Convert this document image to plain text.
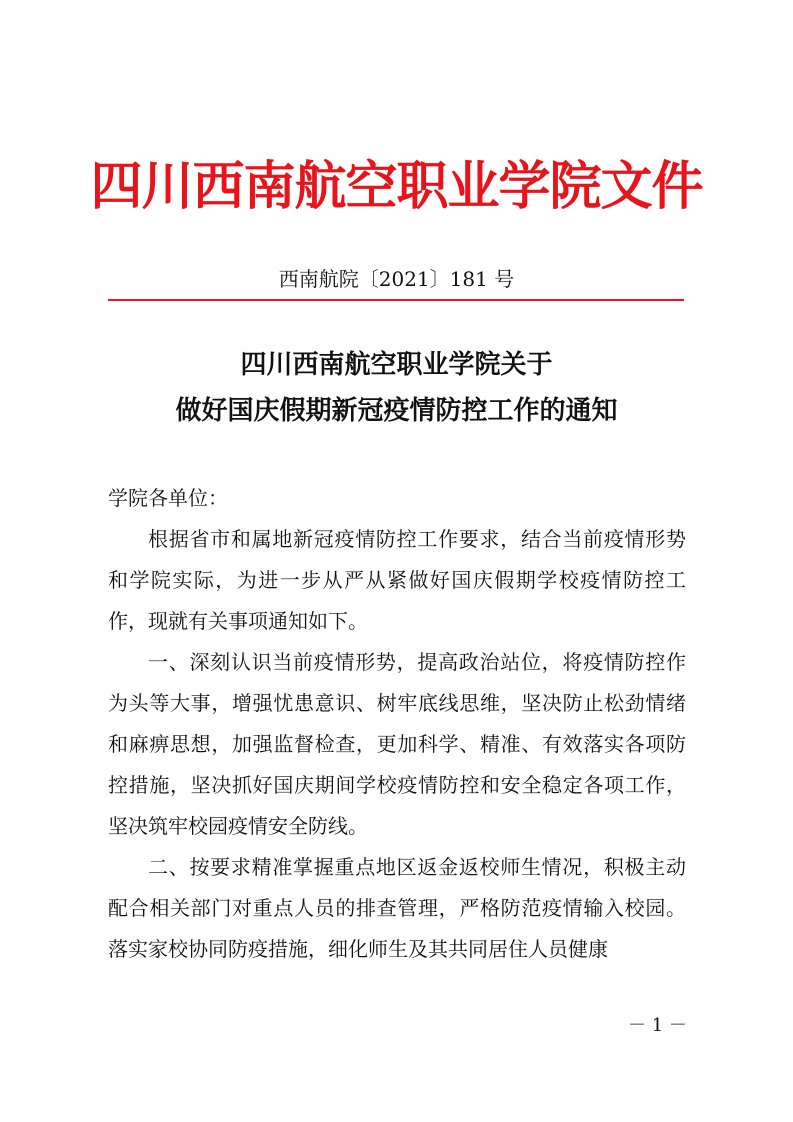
四川西南航空职业学院文件
西南航院〔2021〕181 号
四川西南航空职业学院关于
做好国庆假期新冠疫情防控工作的通知

学院各单位：

根据省市和属地新冠疫情防控工作要求，结合当前疫情形势和学院实际，为进一步从严从紧做好国庆假期学校疫情防控工作，现就有关事项通知如下。

一、深刻认识当前疫情形势，提高政治站位，将疫情防控作为头等大事，增强忧患意识、树牢底线思维，坚决防止松劲情绪和麻痹思想，加强监督检查，更加科学、精准、有效落实各项防控措施，坚决抓好国庆期间学校疫情防控和安全稳定各项工作，坚决筑牢校园疫情安全防线。

二、按要求精准掌握重点地区返金返校师生情况，积极主动配合相关部门对重点人员的排查管理，严格防范疫情输入校园。落实家校协同防疫措施，细化师生及其共同居住人员健康

－ 1 －
